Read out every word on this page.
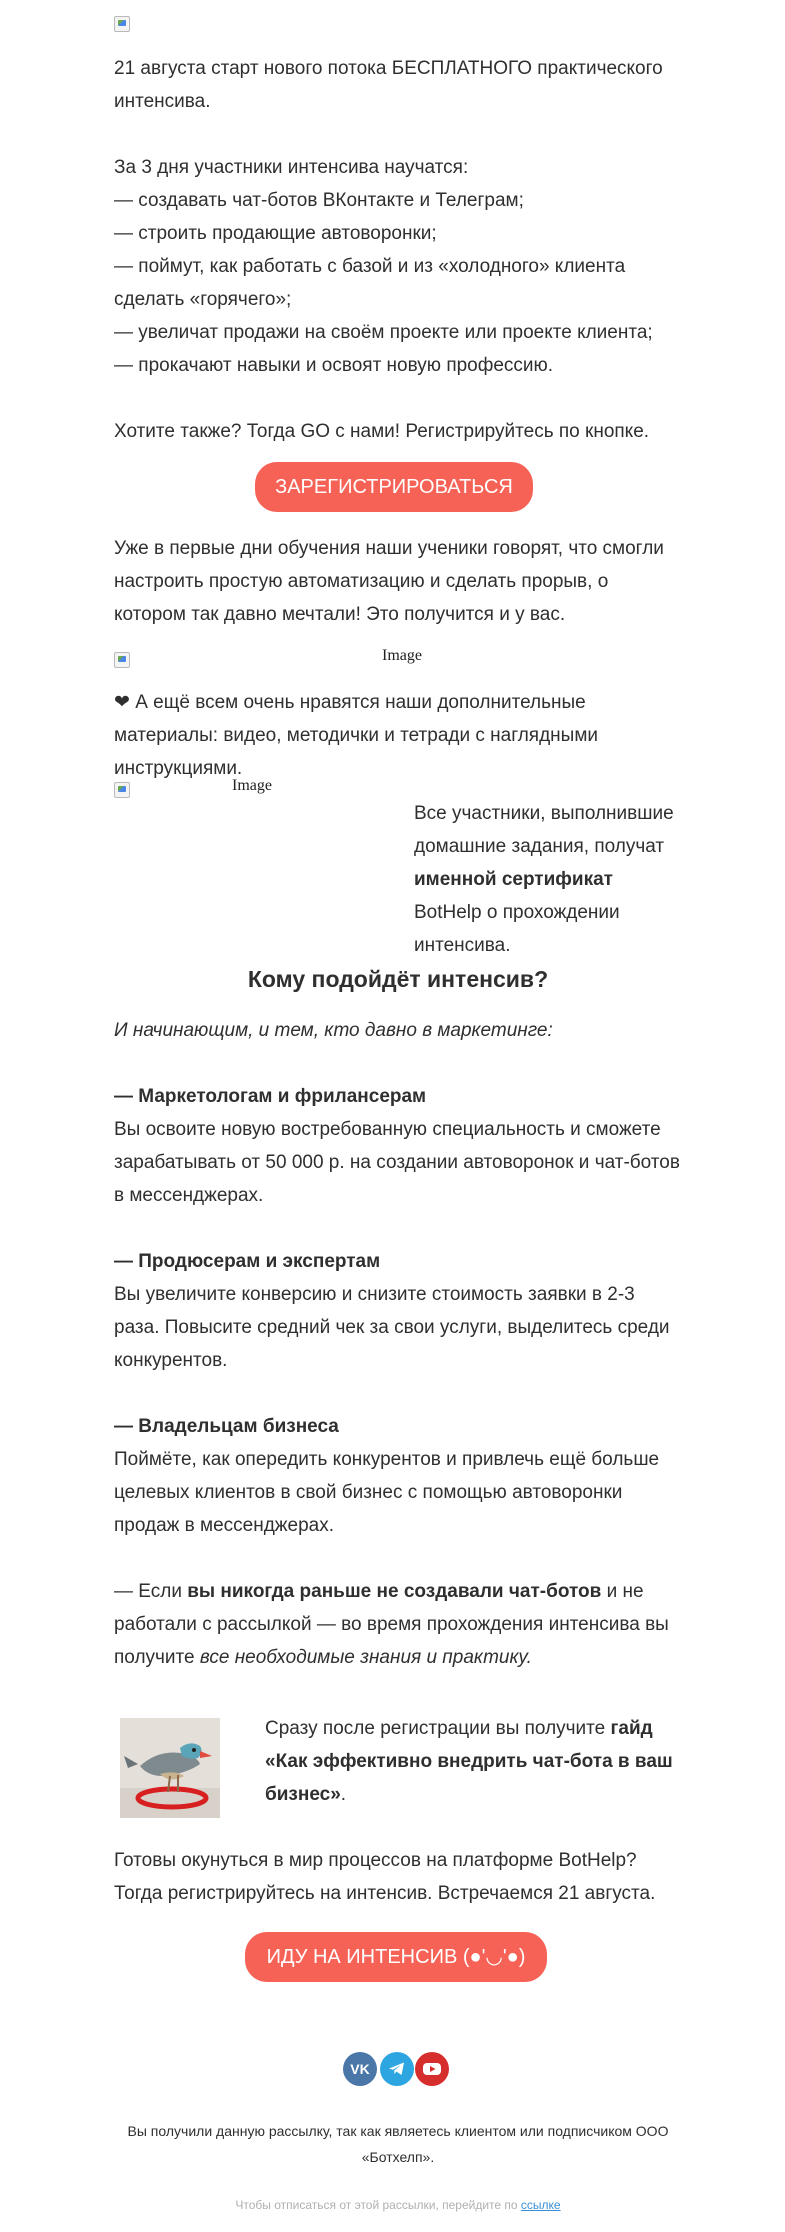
21 августа старт нового потока БЕСПЛАТНОГО практического интенсива.

За 3 дня участники интенсива научатся:

— создавать чат-ботов ВКонтакте и Телеграм;

— строить продающие автоворонки;

— поймут, как работать с базой и из «холодного» клиента сделать «горячего»;

— увеличат продажи на своём проекте или проекте клиента;

— прокачают навыки и освоят новую профессию.

Хотите также? Тогда GO с нами! Регистрируйтесь по кнопке.

ЗАРЕГИСТРИРОВАТЬСЯ

Уже в первые дни обучения наши ученики говорят, что смогли настроить простую автоматизацию и сделать прорыв, о котором так давно мечтали! Это получится и у вас.

Image

❤ А ещё всем очень нравятся наши дополнительные материалы: видео, методички и тетради с наглядными инструкциями.

Image

Все участники, выполнившие домашние задания, получат именной сертификат BotHelp о прохождении интенсива.

Кому подойдёт интенсив?

И начинающим, и тем, кто давно в маркетинге:

— Маркетологам и фрилансерам

Вы освоите новую востребованную специальность и сможете зарабатывать от 50 000 р. на создании автоворонок и чат-ботов в мессенджерах.

— Продюсерам и экспертам

Вы увеличите конверсию и снизите стоимость заявки в 2-3 раза. Повысите средний чек за свои услуги, выделитесь среди конкурентов.

— Владельцам бизнеса

Поймёте, как опередить конкурентов и привлечь ещё больше целевых клиентов в свой бизнес с помощью автоворонки продаж в мессенджерах.

— Если вы никогда раньше не создавали чат-ботов и не работали с рассылкой — во время прохождения интенсива вы получите все необходимые знания и практику.

Сразу после регистрации вы получите гайд «Как эффективно внедрить чат-бота в ваш бизнес».

Готовы окунуться в мир процессов на платформе BotHelp? Тогда регистрируйтесь на интенсив. Встречаемся 21 августа.

ИДУ НА ИНТЕНСИВ (●'◡'●)
VK
Вы получили данную рассылку, так как являетесь клиентом или подписчиком ООО «Ботхелп».
Чтобы отписаться от этой рассылки, перейдите по ссылке
